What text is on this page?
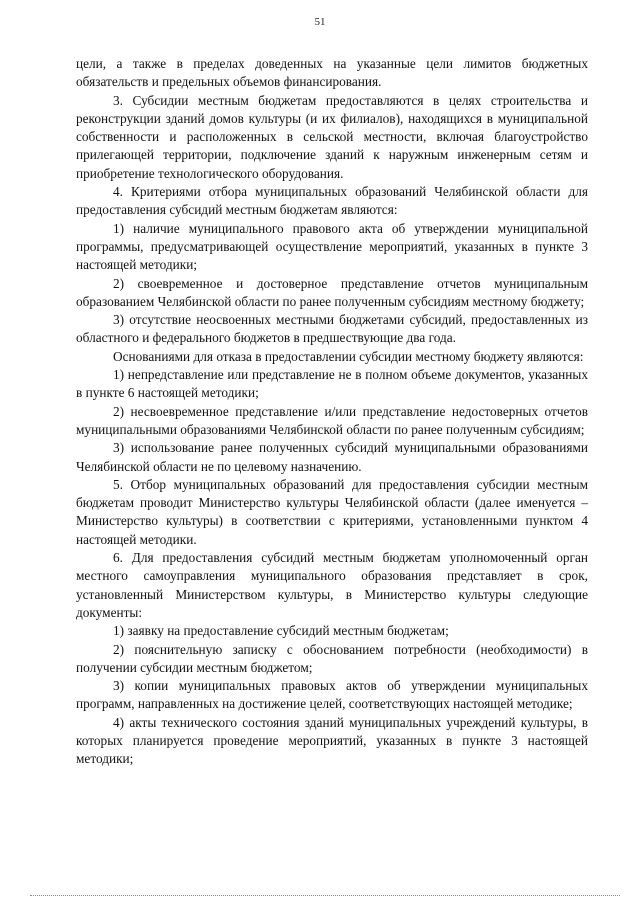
51

цели, а также в пределах доведенных на указанные цели лимитов бюджетных обязательств и предельных объемов финансирования.

3. Субсидии местным бюджетам предоставляются в целях строительства и реконструкции зданий домов культуры (и их филиалов), находящихся в муниципальной собственности и расположенных в сельской местности, включая благоустройство прилегающей территории, подключение зданий к наружным инженерным сетям и приобретение технологического оборудования.

4. Критериями отбора муниципальных образований Челябинской области для предоставления субсидий местным бюджетам являются:

1) наличие муниципального правового акта об утверждении муниципальной программы, предусматривающей осуществление мероприятий, указанных в пункте 3 настоящей методики;

2) своевременное и достоверное представление отчетов муниципальным образованием Челябинской области по ранее полученным субсидиям местному бюджету;

3) отсутствие неосвоенных местными бюджетами субсидий, предоставленных из областного и федерального бюджетов в предшествующие два года.

Основаниями для отказа в предоставлении субсидии местному бюджету являются:

1) непредставление или представление не в полном объеме документов, указанных в пункте 6 настоящей методики;

2) несвоевременное представление и/или представление недостоверных отчетов муниципальными образованиями Челябинской области по ранее полученным субсидиям;

3) использование ранее полученных субсидий муниципальными образованиями Челябинской области не по целевому назначению.

5. Отбор муниципальных образований для предоставления субсидии местным бюджетам проводит Министерство культуры Челябинской области (далее именуется – Министерство культуры) в соответствии с критериями, установленными пунктом 4 настоящей методики.

6. Для предоставления субсидий местным бюджетам уполномоченный орган местного самоуправления муниципального образования представляет в срок, установленный Министерством культуры, в Министерство культуры следующие документы:

1) заявку на предоставление субсидий местным бюджетам;

2) пояснительную записку с обоснованием потребности (необходимости) в получении субсидии местным бюджетом;

3) копии муниципальных правовых актов об утверждении муниципальных программ, направленных на достижение целей, соответствующих настоящей методике;

4) акты технического состояния зданий муниципальных учреждений культуры, в которых планируется проведение мероприятий, указанных в пункте 3 настоящей методики;
